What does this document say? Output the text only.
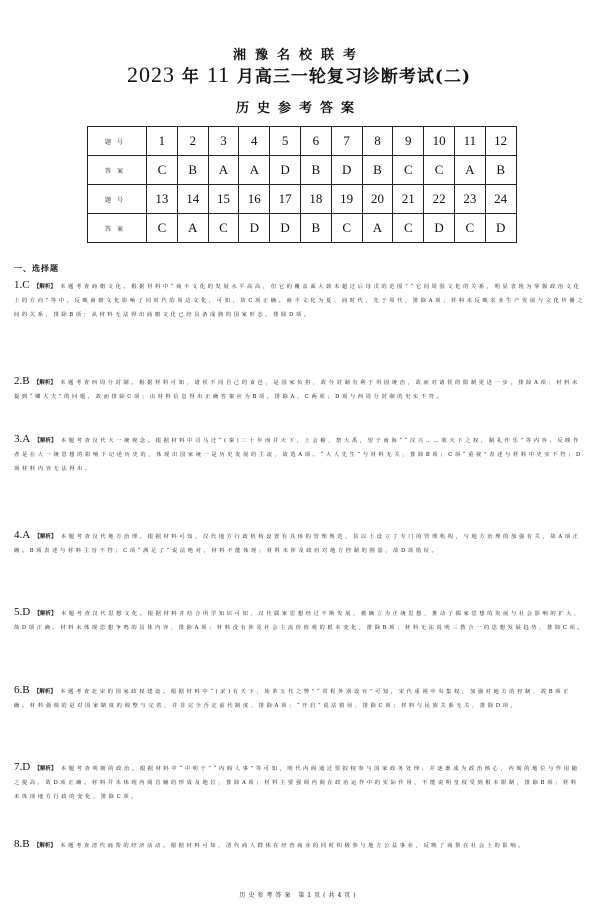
湘豫名校联考
2023 年 11 月高三一轮复习诊断考试(二)
历史参考答案
题号	1	2	3	4	5	6	7	8	9	10	11	12
答案	C	B	A	A	D	B	D	B	C	C	A	B
题号	13	14	15	16	17	18	19	20	21	22	23	24
答案	C	A	C	D	D	B	C	A	C	D	C	D
一、选择题
1.C 【解析】 本题考查商朝文化。根据材料中“商丰文化的发展水平高高，但它的覆盖面大致未超过后母戊的范围”“它同周围文化的关系，明显表现为掌握政治文化上的方向”等中，反映商朝文化影响了同时代的周边文化，可知，故C项正确。商丰文化为夏、商时代，先于周代，排除A项；材料未反映农业生产发展与文化传播之间的关系，排除B项；从材料无法得出商朝文化已经具备成熟的国家形态，排除D项。
2.B 【解析】 本题考查西周分封制。根据材料可知，诸侯不同自己的食邑，是国家负担，故分封制有利于巩固统治，故而对诸侯的限制更进一步，排除A项；材料未提到“卿大夫”的问题，故而排除C项；由材料信息得出正确答案应为B项，排除A、C两项；D项与西周分封制的史实不符。
3.A 【解析】 本题考查汉代大一统观念。根据材料中司马迁“(秦)二十年而并天下，上会稽，祭大禹，望于南海”“汉兴……收天下之权，制礼作乐”等内容，反映作者是在大一统思想的影响下记述历史的，体现出国家统一是历史发展的主流，故选A项。“大人先生”与材料无关，排除B项；C项“重视”表述与材料中史实不符；D项材料内容无法得出。
4.A 【解析】 本题考查汉代地方治理。根据材料可知，汉代地方行政机构设置有具体的管理规范，县以上设立了专门的管理机构，与地方治理的加强有关，故A项正确。B项表述与材料主旨不符；C项“满足了”说法绝对，材料不能体现；材料未涉及政府对地方控制的削弱，故D项错误。
5.D 【解析】 本题考查汉代思想文化。根据材料并结合所学知识可知，汉代儒家思想经过不断发展，被确立为正统思想，推动了儒家思想的发展与社会影响的扩大，故D项正确。材料未体现思想争鸣的具体内容，排除A项；材料没有涉及社会主流价值观的根本变化，排除B项；材料无法说明三教合一的思想发展趋势，排除C项。
6.B 【解析】 本题考查北宋的国家政权建设。根据材料中“(宋)有天下，始革五代之弊”“常程外别设官”可知，宋代重视中央集权，加强对地方的控制，故B项正确。材料强调的是对国家制度的调整与完善，并非完全否定前代制度，排除A项；“开启”说法错误，排除C项；材料与民族关系无关，排除D项。
7.D 【解析】 本题考查明朝的政治。根据材料中“中明于”“内阁人事”等可知，明代内阁通过票拟权参与国家政务处理，并逐渐成为政治核心，内阁的地位与作用随之提高，故D项正确。材料并未体现内阁首辅的形成及地位，排除A项；材料主要强调内阁在政治运作中的实际作用，不能说明皇权受到根本限制，排除B项；材料未体现地方行政的变化，排除C项。
8.B 【解析】 本题考查清代商帮的经济活动。根据材料可知，清代商人群体在经营商业的同时积极参与地方公益事业，反映了商帮在社会上的影响。
历史参考答案 第1页(共4页)
